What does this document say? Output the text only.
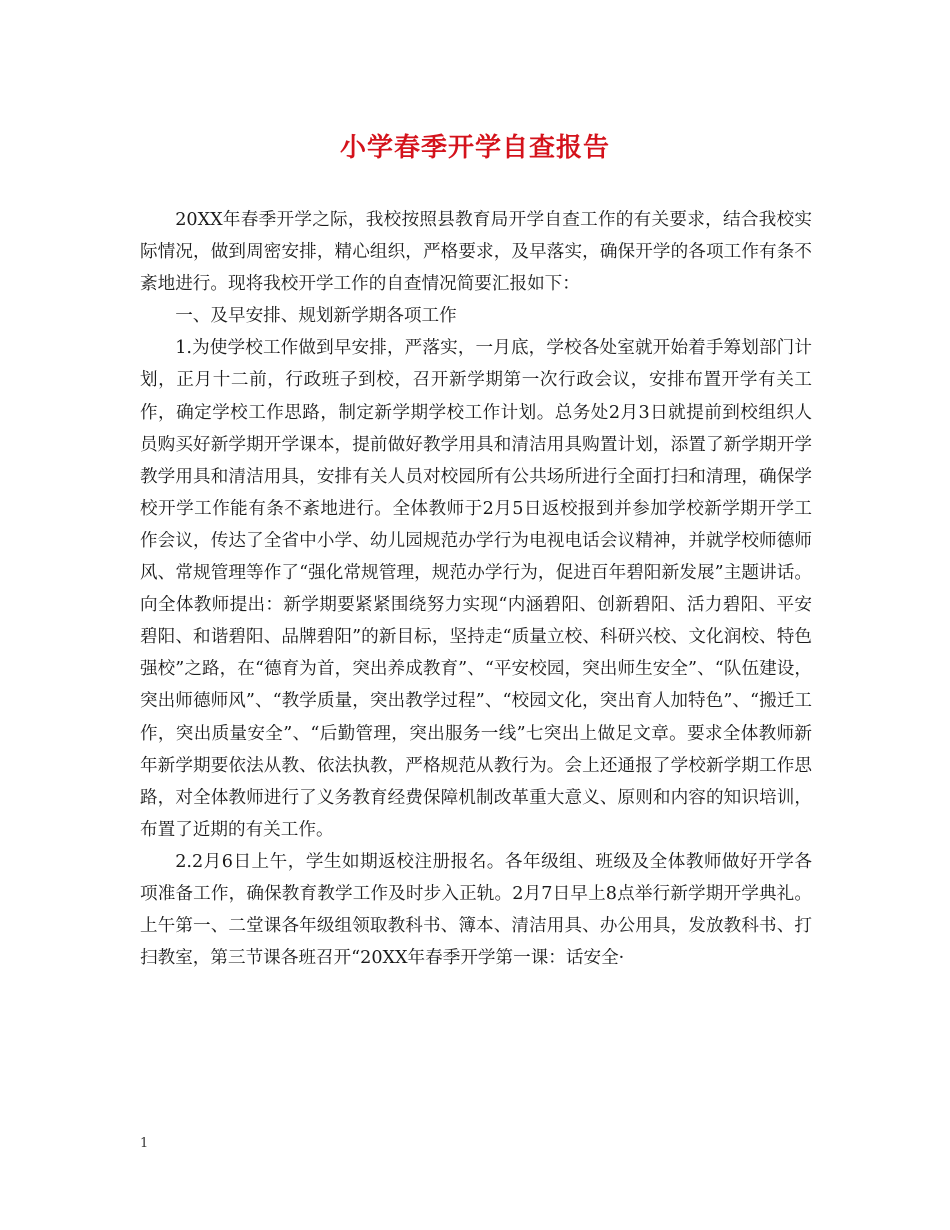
小学春季开学自查报告

20XX年春季开学之际，我校按照县教育局开学自查工作的有关要求，结合我校实际情况，做到周密安排，精心组织，严格要求，及早落实，确保开学的各项工作有条不紊地进行。现将我校开学工作的自查情况简要汇报如下：

一、及早安排、规划新学期各项工作

1.为使学校工作做到早安排，严落实，一月底，学校各处室就开始着手筹划部门计划，正月十二前，行政班子到校，召开新学期第一次行政会议，安排布置开学有关工作，确定学校工作思路，制定新学期学校工作计划。总务处2月3日就提前到校组织人员购买好新学期开学课本，提前做好教学用具和清洁用具购置计划，添置了新学期开学教学用具和清洁用具，安排有关人员对校园所有公共场所进行全面打扫和清理，确保学校开学工作能有条不紊地进行。全体教师于2月5日返校报到并参加学校新学期开学工作会议，传达了全省中小学、幼儿园规范办学行为电视电话会议精神，并就学校师德师风、常规管理等作了“强化常规管理，规范办学行为，促进百年碧阳新发展”主题讲话。向全体教师提出：新学期要紧紧围绕努力实现“内涵碧阳、创新碧阳、活力碧阳、平安碧阳、和谐碧阳、品牌碧阳”的新目标，坚持走“质量立校、科研兴校、文化润校、特色强校”之路，在“德育为首，突出养成教育”、“平安校园，突出师生安全”、“队伍建设，突出师德师风”、“教学质量，突出教学过程”、“校园文化，突出育人加特色”、“搬迁工作，突出质量安全”、“后勤管理，突出服务一线”七突出上做足文章。要求全体教师新年新学期要依法从教、依法执教，严格规范从教行为。会上还通报了学校新学期工作思路，对全体教师进行了义务教育经费保障机制改革重大意义、原则和内容的知识培训，布置了近期的有关工作。

2.2月6日上午，学生如期返校注册报名。各年级组、班级及全体教师做好开学各项准备工作，确保教育教学工作及时步入正轨。2月7日早上8点举行新学期开学典礼。上午第一、二堂课各年级组领取教科书、簿本、清洁用具、办公用具，发放教科书、打扫教室，第三节课各班召开“20XX年春季开学第一课：话安全·

1
